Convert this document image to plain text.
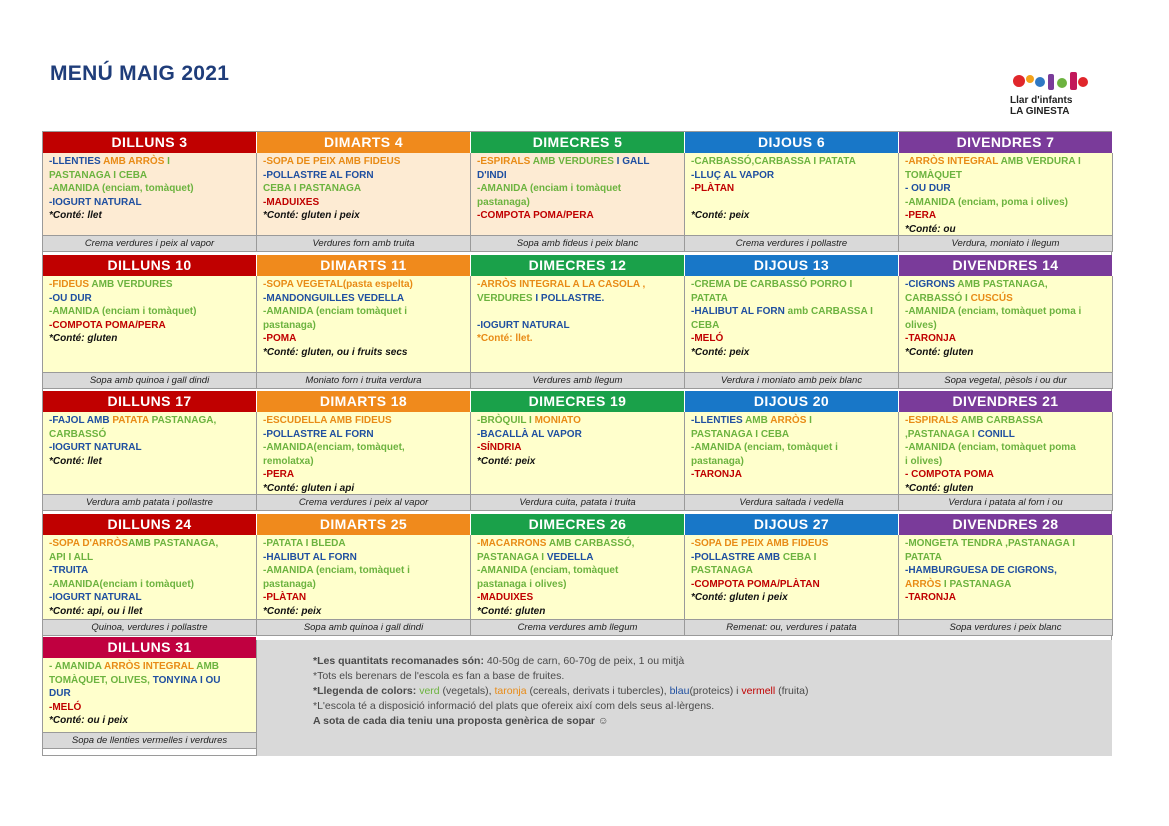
MENÚ MAIG 2021
Llar d'infants
LA GINESTA
DILLUNS 3
-LLENTIES AMB ARRÒS I
PASTANAGA I CEBA
-AMANIDA (enciam, tomàquet)
-IOGURT NATURAL
*Conté: llet
Crema verdures i peix al vapor
DIMARTS 4
-SOPA DE PEIX AMB FIDEUS
-POLLASTRE AL FORN
CEBA I PASTANAGA
-MADUIXES
*Conté: gluten i peix
Verdures forn amb truita
DIMECRES 5
-ESPIRALS AMB VERDURES I GALL
D'INDI
-AMANIDA (enciam i tomàquet
pastanaga)
-COMPOTA POMA/PERA
Sopa amb fideus i peix blanc
DIJOUS 6
-CARBASSÓ,CARBASSA I PATATA
-LLUÇ AL VAPOR
-PLÀTAN

*Conté: peix
Crema verdures i pollastre
DIVENDRES 7
-ARRÒS INTEGRAL AMB VERDURA I
TOMÀQUET
- OU DUR
-AMANIDA (enciam, poma i olives)
-PERA
*Conté: ou
Verdura, moniato i llegum
DILLUNS 10
-FIDEUS AMB VERDURES
-OU DUR
-AMANIDA (enciam i tomàquet)
-COMPOTA POMA/PERA
*Conté: gluten
Sopa amb quinoa i gall dindi
DIMARTS 11
-SOPA VEGETAL(pasta espelta)
-MANDONGUILLES VEDELLA
-AMANIDA (enciam tomàquet i
pastanaga)
-POMA
*Conté: gluten, ou i fruits secs
Moniato forn i truita verdura
DIMECRES 12
-ARRÒS INTEGRAL A LA CASOLA ,
VERDURES I POLLASTRE.

-IOGURT NATURAL
*Conté: llet.
Verdures amb llegum
DIJOUS 13
-CREMA DE CARBASSÓ PORRO I
PATATA
-HALIBUT AL FORN amb CARBASSA I
CEBA
-MELÓ
*Conté: peix
Verdura i moniato amb peix blanc
DIVENDRES 14
-CIGRONS AMB PASTANAGA,
CARBASSÓ I CUSCÚS
-AMANIDA (enciam, tomàquet poma i
olives)
-TARONJA
*Conté: gluten
Sopa vegetal, pèsols i ou dur
DILLUNS 17
-FAJOL AMB PATATA PASTANAGA,
CARBASSÓ
-IOGURT NATURAL
*Conté: llet
Verdura amb patata i pollastre
DIMARTS 18
-ESCUDELLA AMB FIDEUS
-POLLASTRE AL FORN
-AMANIDA(enciam, tomàquet,
remolatxa)
-PERA
*Conté: gluten i api
Crema verdures i peix al vapor
DIMECRES 19
-BRÒQUIL I MONIATO
-BACALLÀ AL VAPOR
-SÍNDRIA
*Conté: peix
Verdura cuita, patata i truita
DIJOUS 20
-LLENTIES AMB ARRÒS I
PASTANAGA I CEBA
-AMANIDA (enciam, tomàquet i
pastanaga)
-TARONJA
Verdura saltada i vedella
DIVENDRES 21
-ESPIRALS AMB CARBASSA
,PASTANAGA I CONILL
-AMANIDA (enciam, tomàquet poma
i olives)
- COMPOTA POMA
*Conté: gluten
Verdura i patata al forn i ou
DILLUNS 24
-SOPA D'ARRÒSAMB PASTANAGA,
API I ALL
-TRUITA
-AMANIDA(enciam i tomàquet)
-IOGURT NATURAL
*Conté: api, ou i llet
Quinoa, verdures i pollastre
DIMARTS 25
-PATATA I BLEDA
-HALIBUT AL FORN
-AMANIDA (enciam, tomàquet i
pastanaga)
-PLÀTAN
*Conté: peix
Sopa amb quinoa i gall dindi
DIMECRES 26
-MACARRONS AMB CARBASSÓ,
PASTANAGA I VEDELLA
-AMANIDA (enciam, tomàquet
pastanaga i olives)
-MADUIXES
*Conté: gluten
Crema verdures amb llegum
DIJOUS 27
-SOPA DE PEIX AMB FIDEUS
-POLLASTRE AMB CEBA I
PASTANAGA
-COMPOTA POMA/PLÀTAN
*Conté: gluten i peix
Remenat: ou, verdures i patata
DIVENDRES 28
-MONGETA TENDRA ,PASTANAGA I
PATATA
-HAMBURGUESA DE CIGRONS,
ARRÒS I PASTANAGA
-TARONJA
Sopa verdures i peix blanc
DILLUNS 31
- AMANIDA ARRÒS INTEGRAL AMB
TOMÀQUET, OLIVES, TONYINA I OU
DUR
-MELÓ
*Conté: ou i peix
Sopa de llenties vermelles i verdures
*Les quantitats recomanades són: 40-50g de carn, 60-70g de peix, 1 ou mitjà
*Tots els berenars de l'escola es fan a base de fruites.
*Llegenda de colors: verd (vegetals), taronja (cereals, derivats i tubercles), blau(proteics) i vermell (fruita)
*L'escola té a disposició informació del plats que ofereix així com dels seus al·lèrgens.
A sota de cada dia teniu una proposta genèrica de sopar ☺
